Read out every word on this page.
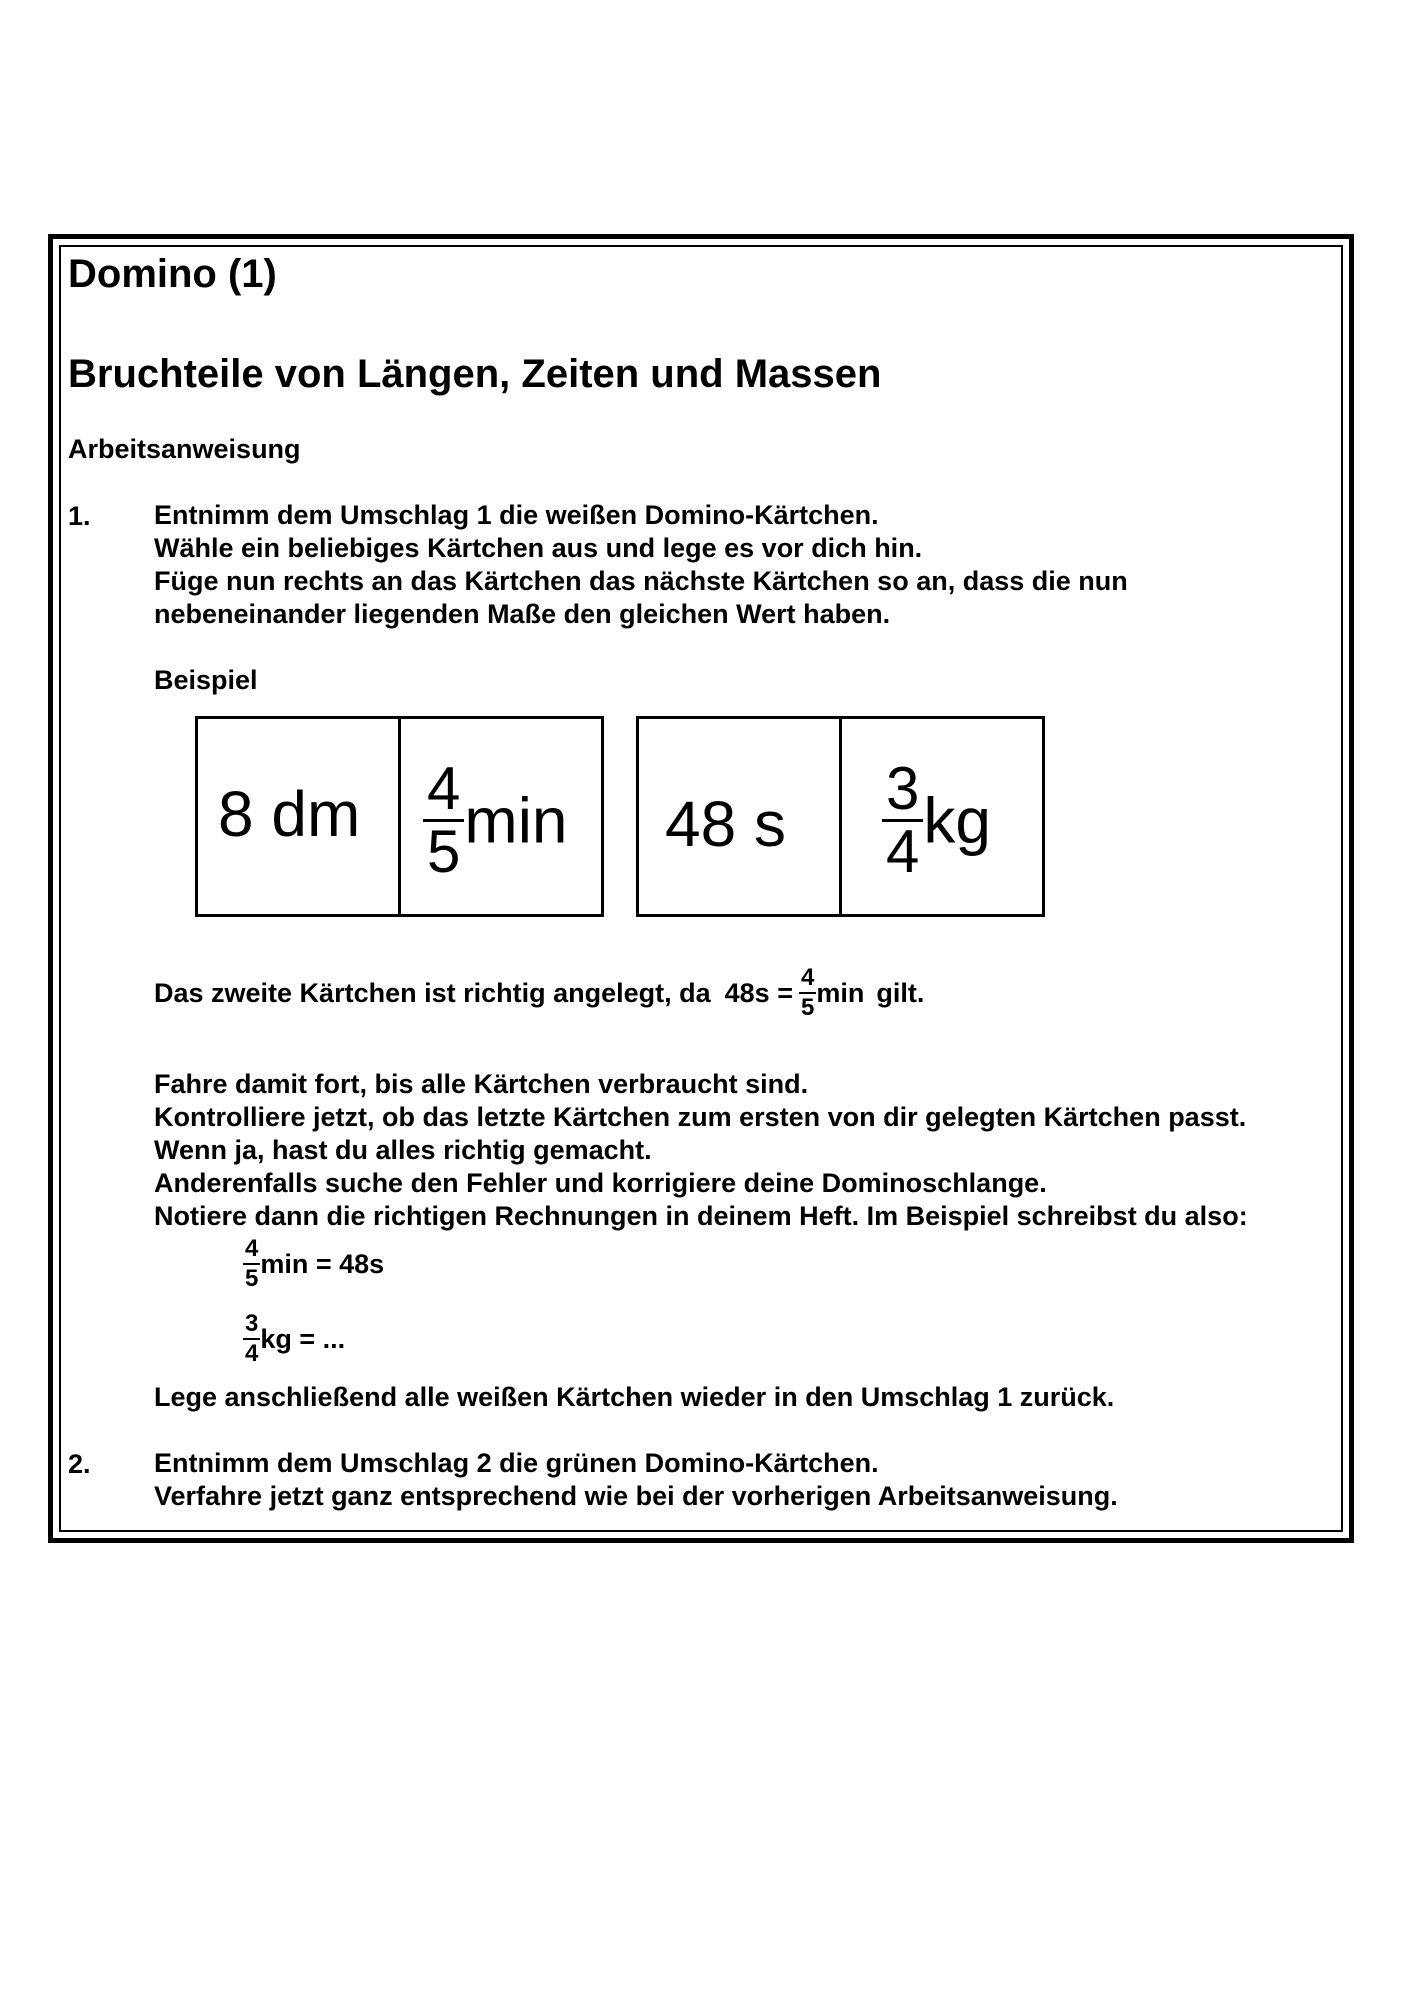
Domino (1)
Bruchteile von Längen, Zeiten und Massen
Arbeitsanweisung
1. Entnimm dem Umschlag 1 die weißen Domino-Kärtchen.
Wähle ein beliebiges Kärtchen aus und lege es vor dich hin.
Füge nun rechts an das Kärtchen das nächste Kärtchen so an, dass die nun
nebeneinander liegenden Maße den gleichen Wert haben.
Beispiel
8 dm $\frac{4}{5}$ min 48 s $\frac{3}{4}$ kg
Das zweite Kärtchen ist richtig angelegt, da $48s = \frac{4}{5}$ min gilt.
Fahre damit fort, bis alle Kärtchen verbraucht sind.
Kontrolliere jetzt, ob das letzte Kärtchen zum ersten von dir gelegten Kärtchen passt.
Wenn ja, hast du alles richtig gemacht.
Anderenfalls suche den Fehler und korrigiere deine Dominoschlange.
Notiere dann die richtigen Rechnungen in deinem Heft. Im Beispiel schreibst du also:
$\frac{4}{5}$ min = 48s
$\frac{3}{4}$ kg = ...
Lege anschließend alle weißen Kärtchen wieder in den Umschlag 1 zurück.
2. Entnimm dem Umschlag 2 die grünen Domino-Kärtchen.
Verfahre jetzt ganz entsprechend wie bei der vorherigen Arbeitsanweisung.
